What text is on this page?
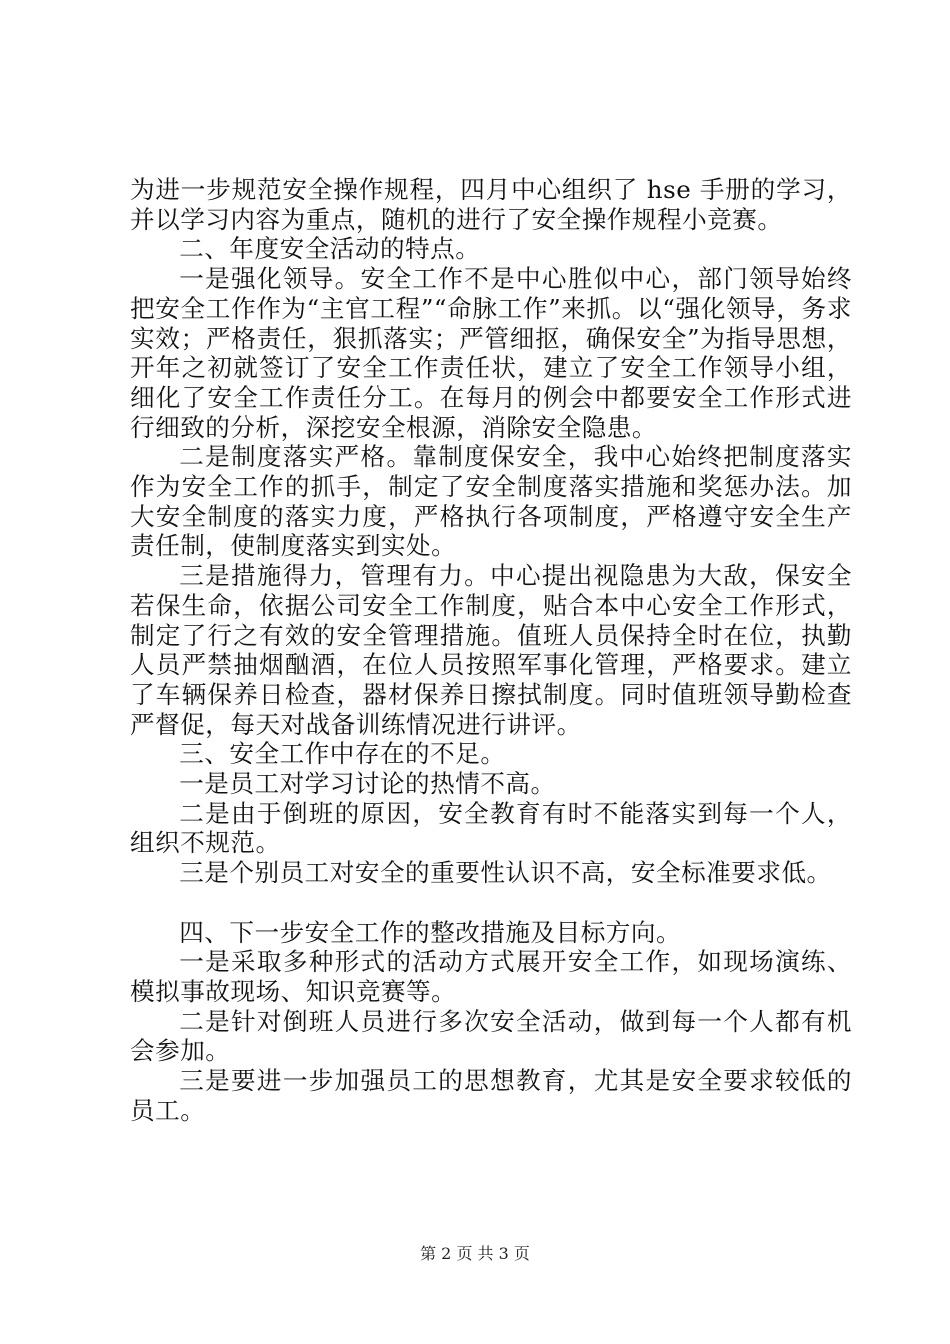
为进一步规范安全操作规程，四月中心组织了 hse 手册的学习，并以学习内容为重点，随机的进行了安全操作规程小竞赛。

二、年度安全活动的特点。

一是强化领导。安全工作不是中心胜似中心，部门领导始终把安全工作作为“主官工程”“命脉工作”来抓。以“强化领导，务求实效；严格责任，狠抓落实；严管细抠，确保安全”为指导思想，开年之初就签订了安全工作责任状，建立了安全工作领导小组，细化了安全工作责任分工。在每月的例会中都要安全工作形式进行细致的分析，深挖安全根源，消除安全隐患。

二是制度落实严格。靠制度保安全，我中心始终把制度落实作为安全工作的抓手，制定了安全制度落实措施和奖惩办法。加大安全制度的落实力度，严格执行各项制度，严格遵守安全生产责任制，使制度落实到实处。

三是措施得力，管理有力。中心提出视隐患为大敌，保安全若保生命，依据公司安全工作制度，贴合本中心安全工作形式，制定了行之有效的安全管理措施。值班人员保持全时在位，执勤人员严禁抽烟酗酒，在位人员按照军事化管理，严格要求。建立了车辆保养日检查，器材保养日擦拭制度。同时值班领导勤检查严督促，每天对战备训练情况进行讲评。

三、安全工作中存在的不足。

一是员工对学习讨论的热情不高。

二是由于倒班的原因，安全教育有时不能落实到每一个人，组织不规范。

三是个别员工对安全的重要性认识不高，安全标准要求低。

四、下一步安全工作的整改措施及目标方向。

一是采取多种形式的活动方式展开安全工作，如现场演练、模拟事故现场、知识竞赛等。

二是针对倒班人员进行多次安全活动，做到每一个人都有机会参加。

三是要进一步加强员工的思想教育，尤其是安全要求较低的员工。

第 2 页 共 3 页
